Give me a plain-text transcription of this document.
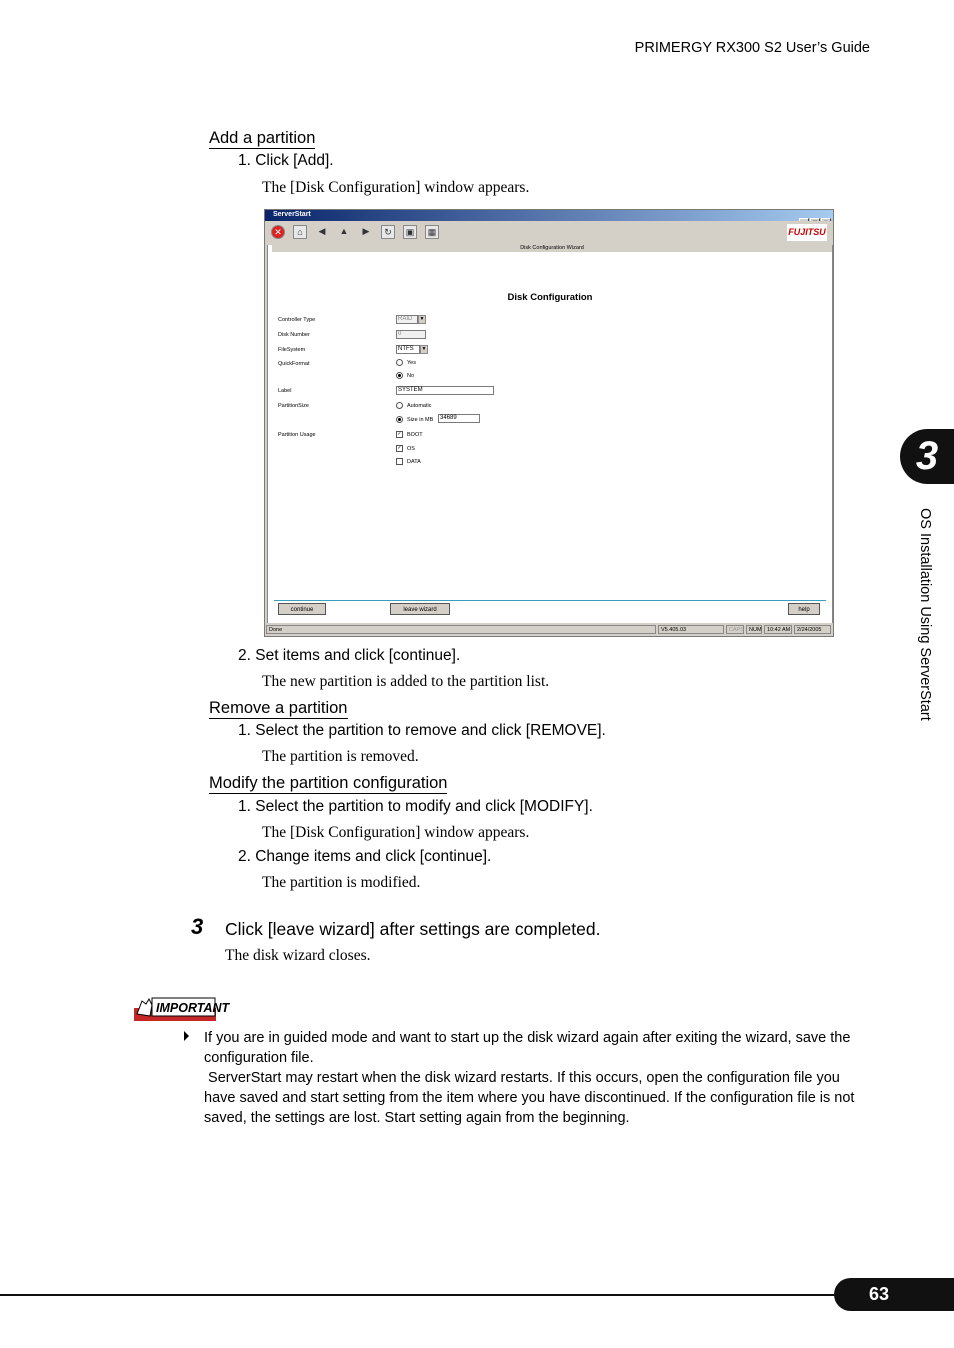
PRIMERGY RX300 S2 User’s Guide
Add a partition
1. Click [Add].
The [Disk Configuration] window appears.
ServerStart
✕	⌂	◀	▲	▶	↻	▣	▦	FUJITSU
Disk Configuration Wizard
Disk Configuration
Controller Type	RAID ▼
Disk Number	0
FileSystem	NTFS ▼
QuickFormat	Yes
No
Label	SYSTEM
PartitionSize	Automatic
Size in MB	34689
Partition Usage	✓ BOOT
✓ OS
DATA
continue	leave wizard	help
Done	V5.405.03	CAPS NUM 10:42 AM	2/24/2005
2. Set items and click [continue].
The new partition is added to the partition list.
Remove a partition
1. Select the partition to remove and click [REMOVE].
The partition is removed.
Modify the partition configuration
1. Select the partition to modify and click [MODIFY].
The [Disk Configuration] window appears.
2. Change items and click [continue].
The partition is modified.
3 Click [leave wizard] after settings are completed.
The disk wizard closes.
IMPORTANT
If you are in guided mode and want to start up the disk wizard again after exiting the wizard, save the configuration file.
ServerStart may restart when the disk wizard restarts. If this occurs, open the configuration file you have saved and start setting from the item where you have discontinued. If the configuration file is not saved, the settings are lost. Start setting again from the beginning.
3
OS Installation Using ServerStart
63
